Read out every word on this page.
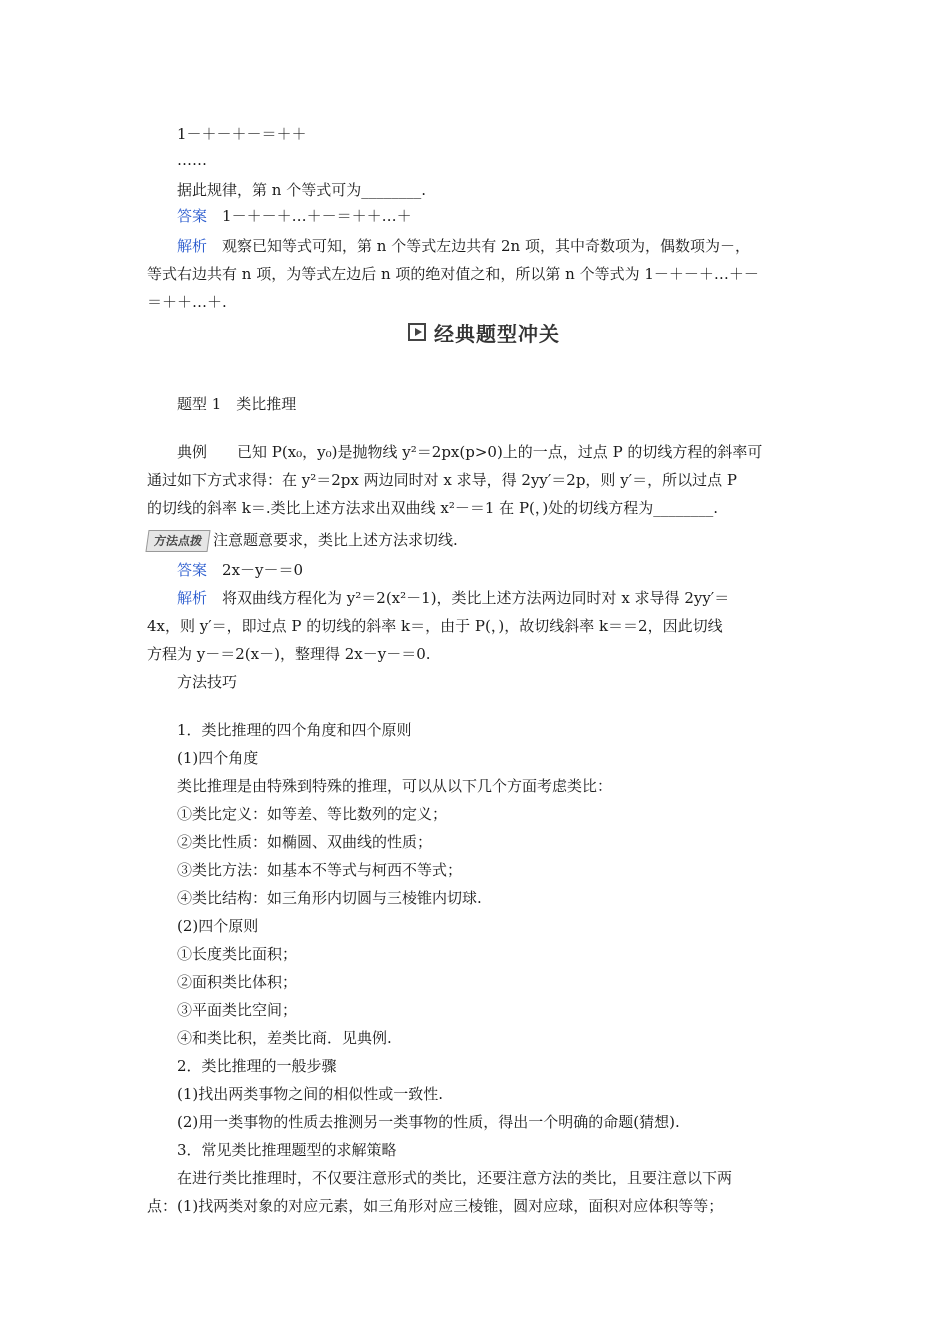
1－＋－＋－＝＋＋
……
据此规律，第 n 个等式可为________.
答案　 1－＋－＋…＋－＝＋＋…＋
解析　 观察已知等式可知，第 n 个等式左边共有 2n 项，其中奇数项为，偶数项为－，
等式右边共有 n 项，为等式左边后 n 项的绝对值之和，所以第 n 个等式为 1－＋－＋…＋－
＝＋＋…＋.
经典题型冲关
题型 1　类比推理
典例　　已知 P(x₀，y₀)是抛物线 y²＝2px(p>0)上的一点，过点 P 的切线方程的斜率可
通过如下方式求得：在 y²＝2px 两边同时对 x 求导，得 2yy′＝2p，则 y′＝，所以过点 P
的切线的斜率 k＝.类比上述方法求出双曲线 x²－＝1 在 P(，)处的切线方程为________.
方法点拨 注意题意要求，类比上述方法求切线.
答案　 2x－y－＝0
解析　 将双曲线方程化为 y²＝2(x²－1)，类比上述方法两边同时对 x 求导得 2yy′＝
4x，则 y′＝，即过点 P 的切线的斜率 k＝，由于 P(，)，故切线斜率 k＝＝2，因此切线
方程为 y－＝2(x－)，整理得 2x－y－＝0.
方法技巧
1．类比推理的四个角度和四个原则
(1)四个角度
类比推理是由特殊到特殊的推理，可以从以下几个方面考虑类比：
①类比定义：如等差、等比数列的定义；
②类比性质：如椭圆、双曲线的性质；
③类比方法：如基本不等式与柯西不等式；
④类比结构：如三角形内切圆与三棱锥内切球.
(2)四个原则
①长度类比面积；
②面积类比体积；
③平面类比空间；
④和类比积，差类比商．见典例.
2．类比推理的一般步骤
(1)找出两类事物之间的相似性或一致性.
(2)用一类事物的性质去推测另一类事物的性质，得出一个明确的命题(猜想).
3．常见类比推理题型的求解策略
在进行类比推理时，不仅要注意形式的类比，还要注意方法的类比，且要注意以下两
点：(1)找两类对象的对应元素，如三角形对应三棱锥，圆对应球，面积对应体积等等；
